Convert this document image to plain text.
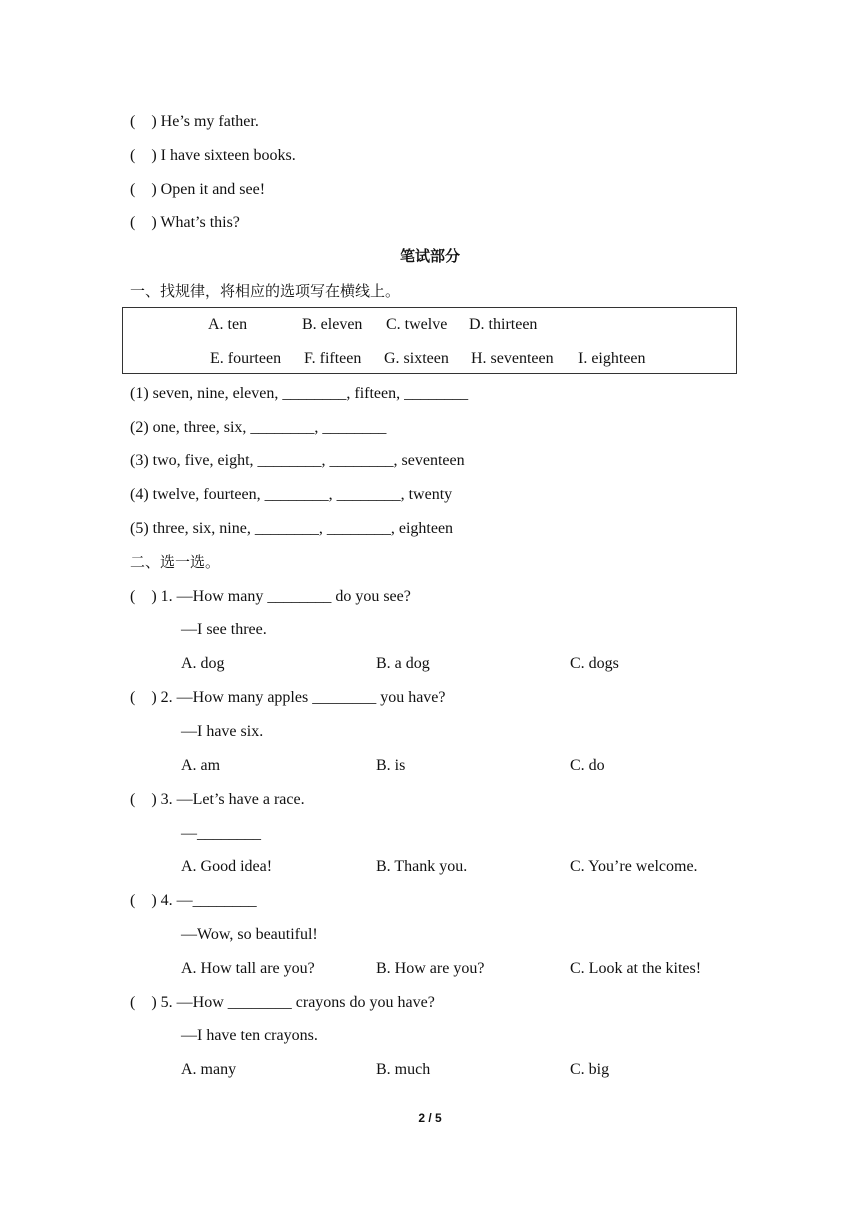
(    ) He’s my father.
(    ) I have sixteen books.
(    ) Open it and see!
(    ) What’s this?
笔试部分
一、找规律，将相应的选项写在横线上。
A. ten	B. eleven C. twelve D. thirteen
E. fourteen F. fifteen G. sixteen H. seventeen I. eighteen
(1) seven, nine, eleven, ________, fifteen, ________
(2) one, three, six, ________, ________
(3) two, five, eight, ________, ________, seventeen
(4) twelve, fourteen, ________, ________, twenty
(5) three, six, nine, ________, ________, eighteen
二、选一选。
(    ) 1. —How many ________ do you see?
—I see three.
A. dog	B. a dog	C. dogs
(    ) 2. —How many apples ________ you have?
—I have six.
A. am	B. is	C. do
(    ) 3. —Let’s have a race.
—________
A. Good idea!	B. Thank you.	C. You’re welcome.
(    ) 4. —________
—Wow, so beautiful!
A. How tall are you?	B. How are you?	C. Look at the kites!
(    ) 5. —How ________ crayons do you have?
—I have ten crayons.
A. many	B. much	C. big
2 / 5
